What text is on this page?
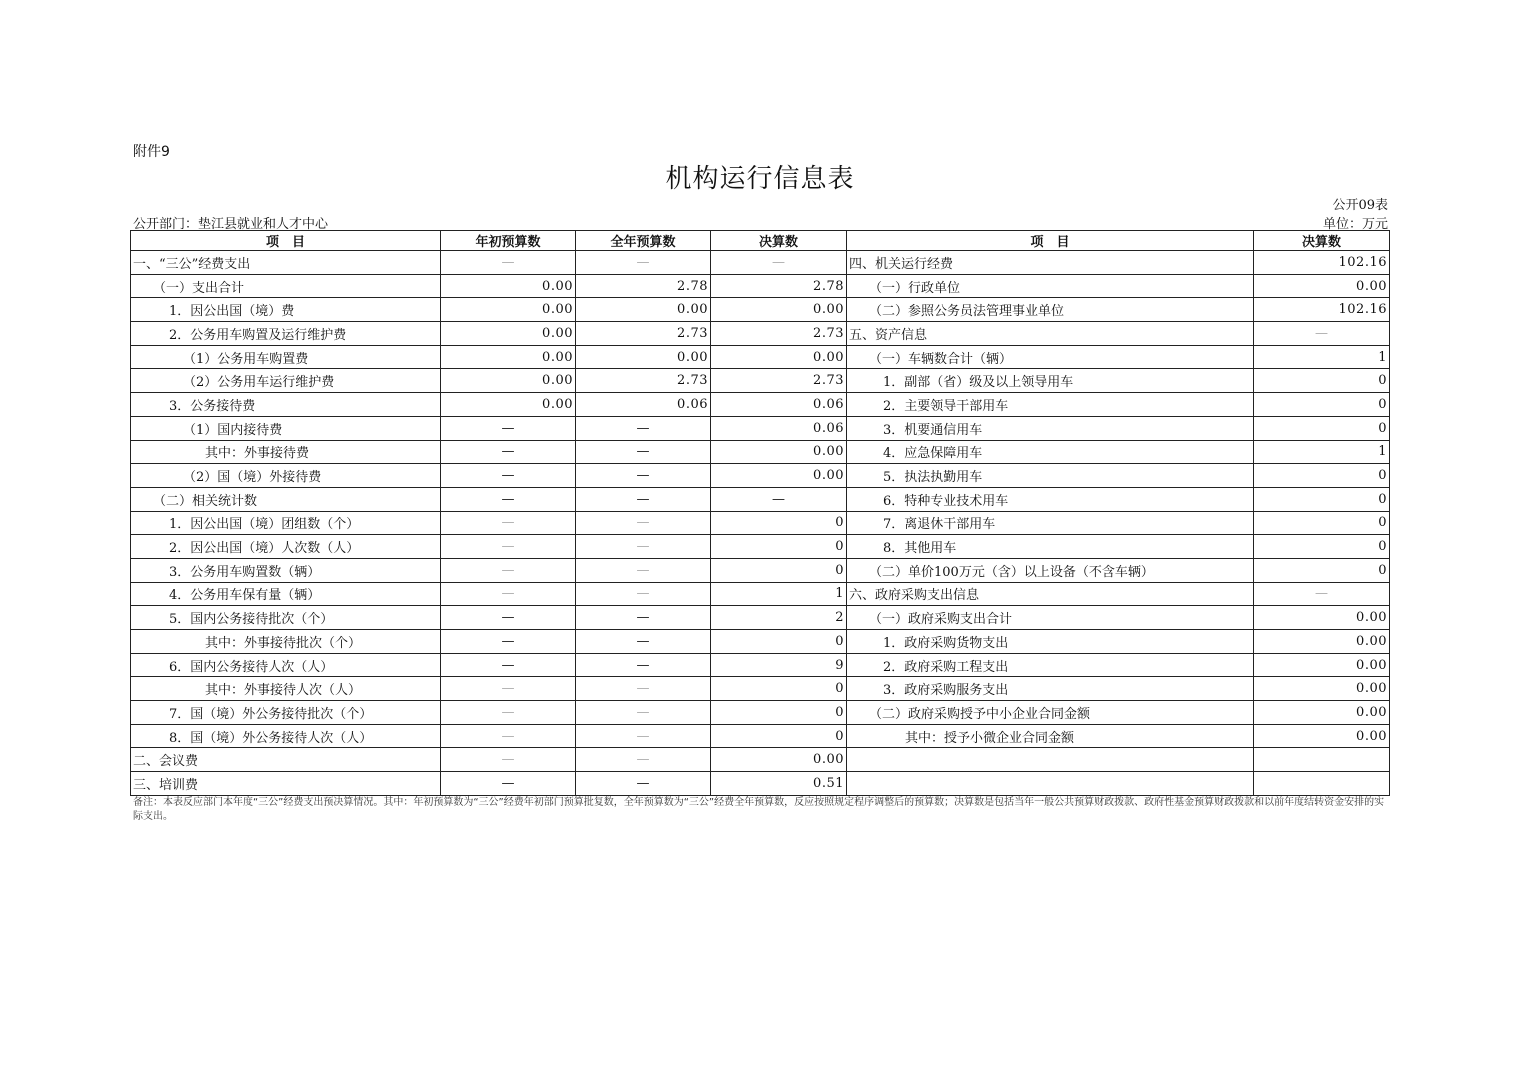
附件9
机构运行信息表
公开09表
公开部门：垫江县就业和人才中心	单位：万元
项　目	年初预算数	全年预算数	决算数	项　目	决算数
一、“三公”经费支出	—	—	—	四、机关运行经费	102.16
（一）支出合计	0.00	2.78	2.78	（一）行政单位	0.00
1．因公出国（境）费	0.00	0.00	0.00	（二）参照公务员法管理事业单位	102.16
2．公务用车购置及运行维护费	0.00	2.73	2.73	五、资产信息	—
（1）公务用车购置费	0.00	0.00	0.00	（一）车辆数合计（辆）	1
（2）公务用车运行维护费	0.00	2.73	2.73	1．副部（省）级及以上领导用车	0
3．公务接待费	0.00	0.06	0.06	2．主要领导干部用车	0
（1）国内接待费	—	—	0.06	3．机要通信用车	0
其中：外事接待费	—	—	0.00	4．应急保障用车	1
（2）国（境）外接待费	—	—	0.00	5．执法执勤用车	0
（二）相关统计数	—	—	—	6．特种专业技术用车	0
1．因公出国（境）团组数（个）	—	—	0	7．离退休干部用车	0
2．因公出国（境）人次数（人）	—	—	0	8．其他用车	0
3．公务用车购置数（辆）	—	—	0	（二）单价100万元（含）以上设备（不含车辆）	0
4．公务用车保有量（辆）	—	—	1	六、政府采购支出信息	—
5．国内公务接待批次（个）	—	—	2	（一）政府采购支出合计	0.00
其中：外事接待批次（个）	—	—	0	1．政府采购货物支出	0.00
6．国内公务接待人次（人）	—	—	9	2．政府采购工程支出	0.00
其中：外事接待人次（人）	—	—	0	3．政府采购服务支出	0.00
7．国（境）外公务接待批次（个）	—	—	0	（二）政府采购授予中小企业合同金额	0.00
8．国（境）外公务接待人次（人）	—	—	0	其中：授予小微企业合同金额	0.00
二、会议费	—	—	0.00		
三、培训费	—	—	0.51		
备注：本表反应部门本年度“三公”经费支出预决算情况。其中：年初预算数为“三公”经费年初部门预算批复数，全年预算数为“三公”经费全年预算数，反应按照规定程序调整后的预算数；决算数是包括当年一般公共预算财政拨款、政府性基金预算财政拨款和以前年度结转资金安排的实际支出。
